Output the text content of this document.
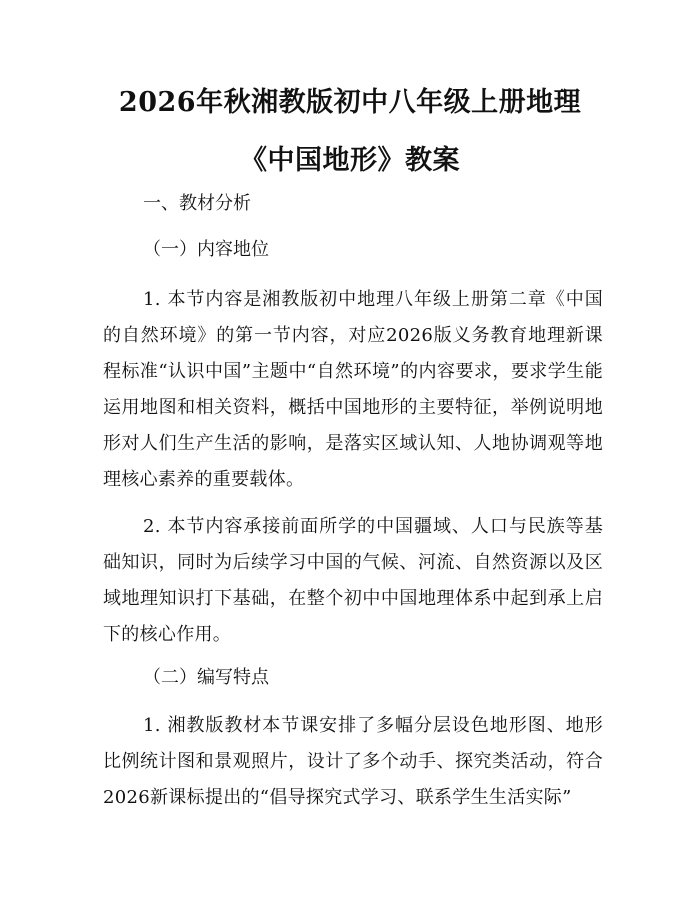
2026年秋湘教版初中八年级上册地理《中国地形》教案

一、教材分析

（一）内容地位

1. 本节内容是湘教版初中地理八年级上册第二章《中国的自然环境》的第一节内容，对应2026版义务教育地理新课程标准“认识中国”主题中“自然环境”的内容要求，要求学生能运用地图和相关资料，概括中国地形的主要特征，举例说明地形对人们生产生活的影响，是落实区域认知、人地协调观等地理核心素养的重要载体。

2. 本节内容承接前面所学的中国疆域、人口与民族等基础知识，同时为后续学习中国的气候、河流、自然资源以及区域地理知识打下基础，在整个初中中国地理体系中起到承上启下的核心作用。

（二）编写特点

1. 湘教版教材本节课安排了多幅分层设色地形图、地形比例统计图和景观照片，设计了多个动手、探究类活动，符合2026新课标提出的“倡导探究式学习、联系学生生活实际”
